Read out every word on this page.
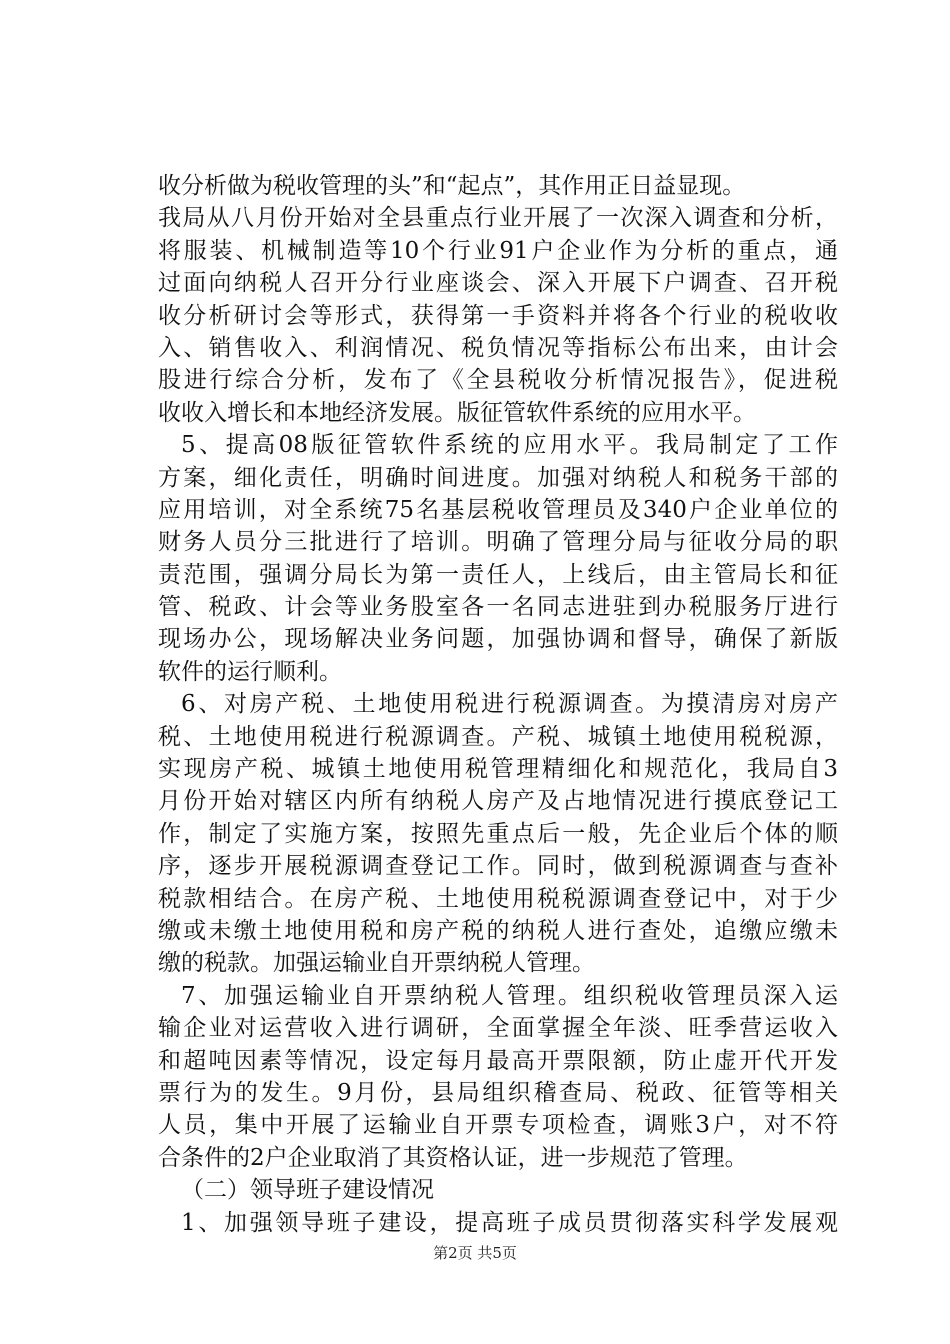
收分析做为税收管理的头”和“起点”，其作用正日益显现。
我局从八月份开始对全县重点行业开展了一次深入调查和分析，
将服装、机械制造等10个行业91户企业作为分析的重点，通
过面向纳税人召开分行业座谈会、深入开展下户调查、召开税
收分析研讨会等形式，获得第一手资料并将各个行业的税收收
入、销售收入、利润情况、税负情况等指标公布出来，由计会
股进行综合分析，发布了《全县税收分析情况报告》，促进税
收收入增长和本地经济发展。版征管软件系统的应用水平。
5、提高08版征管软件系统的应用水平。我局制定了工作
方案，细化责任，明确时间进度。加强对纳税人和税务干部的
应用培训，对全系统75名基层税收管理员及340户企业单位的
财务人员分三批进行了培训。明确了管理分局与征收分局的职
责范围，强调分局长为第一责任人，上线后，由主管局长和征
管、税政、计会等业务股室各一名同志进驻到办税服务厅进行
现场办公，现场解决业务问题，加强协调和督导，确保了新版
软件的运行顺利。
6、对房产税、土地使用税进行税源调查。为摸清房对房产
税、土地使用税进行税源调查。产税、城镇土地使用税税源，
实现房产税、城镇土地使用税管理精细化和规范化，我局自3
月份开始对辖区内所有纳税人房产及占地情况进行摸底登记工
作，制定了实施方案，按照先重点后一般，先企业后个体的顺
序，逐步开展税源调查登记工作。同时，做到税源调查与查补
税款相结合。在房产税、土地使用税税源调查登记中，对于少
缴或未缴土地使用税和房产税的纳税人进行查处，追缴应缴未
缴的税款。加强运输业自开票纳税人管理。
7、加强运输业自开票纳税人管理。组织税收管理员深入运
输企业对运营收入进行调研，全面掌握全年淡、旺季营运收入
和超吨因素等情况，设定每月最高开票限额，防止虚开代开发
票行为的发生。9月份，县局组织稽查局、税政、征管等相关
人员，集中开展了运输业自开票专项检查，调账3户，对不符
合条件的2户企业取消了其资格认证，进一步规范了管理。
（二）领导班子建设情况
1、加强领导班子建设，提高班子成员贯彻落实科学发展观
第2页 共5页
